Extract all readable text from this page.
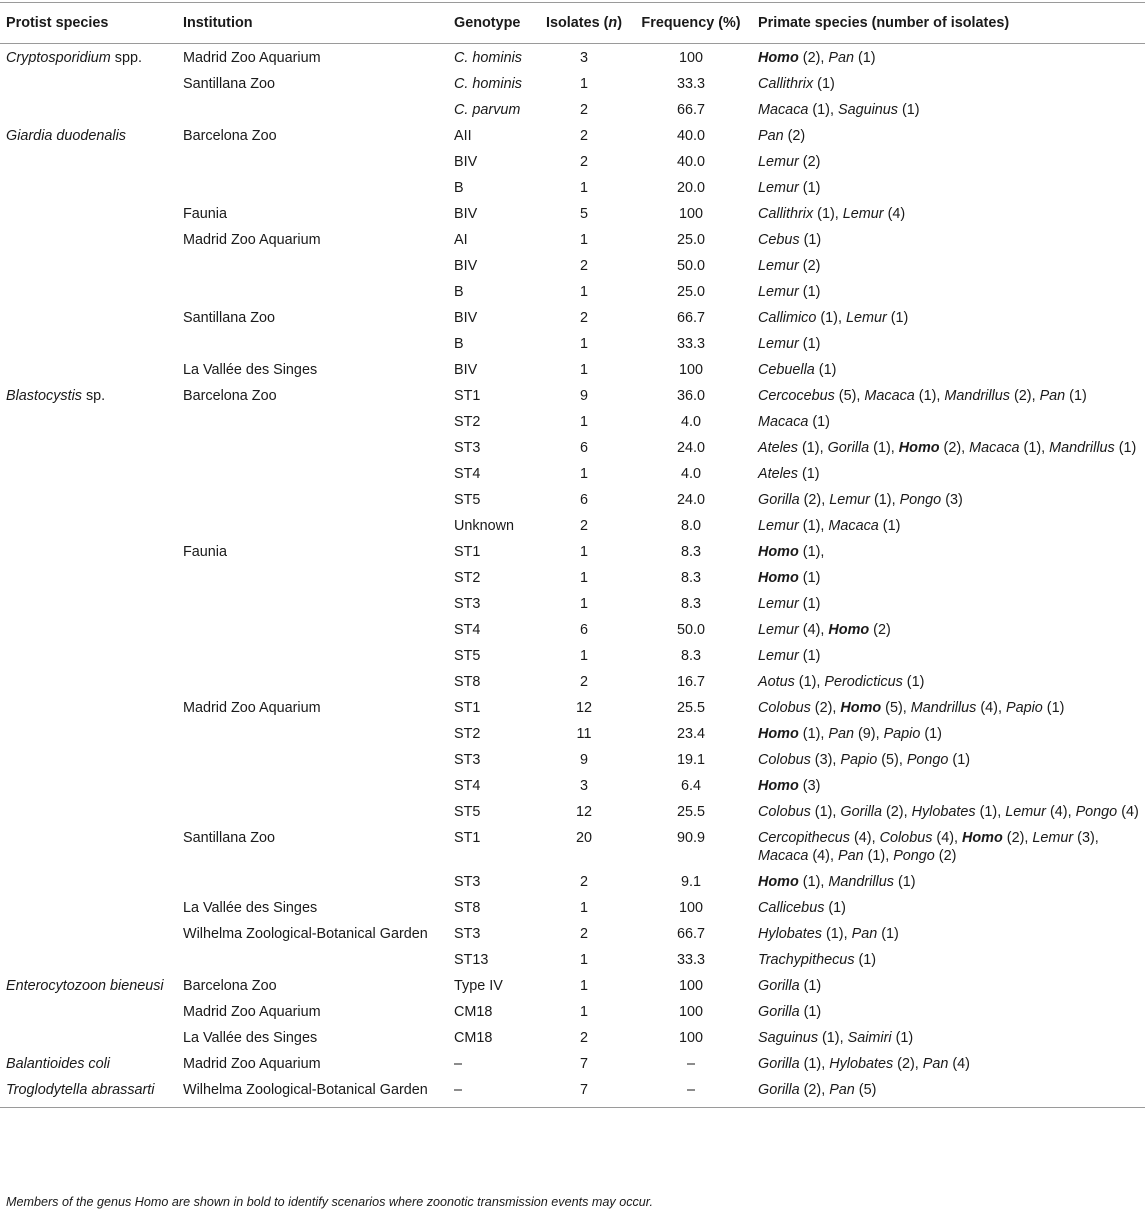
Protist species	Institution	Genotype	Isolates (n)	Frequency (%)	Primate species (number of isolates)
Cryptosporidium spp.	Madrid Zoo Aquarium	C. hominis	3	100	Homo (2), Pan (1)
	Santillana Zoo	C. hominis	1	33.3	Callithrix (1)
		C. parvum	2	66.7	Macaca (1), Saguinus (1)
Giardia duodenalis	Barcelona Zoo	AII	2	40.0	Pan (2)
		BIV	2	40.0	Lemur (2)
		B	1	20.0	Lemur (1)
	Faunia	BIV	5	100	Callithrix (1), Lemur (4)
	Madrid Zoo Aquarium	AI	1	25.0	Cebus (1)
		BIV	2	50.0	Lemur (2)
		B	1	25.0	Lemur (1)
	Santillana Zoo	BIV	2	66.7	Callimico (1), Lemur (1)
		B	1	33.3	Lemur (1)
	La Vallée des Singes	BIV	1	100	Cebuella (1)
Blastocystis sp.	Barcelona Zoo	ST1	9	36.0	Cercocebus (5), Macaca (1), Mandrillus (2), Pan (1)
		ST2	1	4.0	Macaca (1)
		ST3	6	24.0	Ateles (1), Gorilla (1), Homo (2), Macaca (1), Mandrillus (1)
		ST4	1	4.0	Ateles (1)
		ST5	6	24.0	Gorilla (2), Lemur (1), Pongo (3)
		Unknown	2	8.0	Lemur (1), Macaca (1)
	Faunia	ST1	1	8.3	Homo (1),
		ST2	1	8.3	Homo (1)
		ST3	1	8.3	Lemur (1)
		ST4	6	50.0	Lemur (4), Homo (2)
		ST5	1	8.3	Lemur (1)
		ST8	2	16.7	Aotus (1), Perodicticus (1)
	Madrid Zoo Aquarium	ST1	12	25.5	Colobus (2), Homo (5), Mandrillus (4), Papio (1)
		ST2	11	23.4	Homo (1), Pan (9), Papio (1)
		ST3	9	19.1	Colobus (3), Papio (5), Pongo (1)
		ST4	3	6.4	Homo (3)
		ST5	12	25.5	Colobus (1), Gorilla (2), Hylobates (1), Lemur (4), Pongo (4)
	Santillana Zoo	ST1	20	90.9	Cercopithecus (4), Colobus (4), Homo (2), Lemur (3), Macaca (4), Pan (1), Pongo (2)
		ST3	2	9.1	Homo (1), Mandrillus (1)
	La Vallée des Singes	ST8	1	100	Callicebus (1)
	Wilhelma Zoological-Botanical Garden	ST3	2	66.7	Hylobates (1), Pan (1)
		ST13	1	33.3	Trachypithecus (1)
Enterocytozoon bieneusi	Barcelona Zoo	Type IV	1	100	Gorilla (1)
	Madrid Zoo Aquarium	CM18	1	100	Gorilla (1)
	La Vallée des Singes	CM18	2	100	Saguinus (1), Saimiri (1)
Balantioides coli	Madrid Zoo Aquarium	–	7	–	Gorilla (1), Hylobates (2), Pan (4)
Troglodytella abrassarti	Wilhelma Zoological-Botanical Garden	–	7	–	Gorilla (2), Pan (5)
Members of the genus Homo are shown in bold to identify scenarios where zoonotic transmission events may occur.
